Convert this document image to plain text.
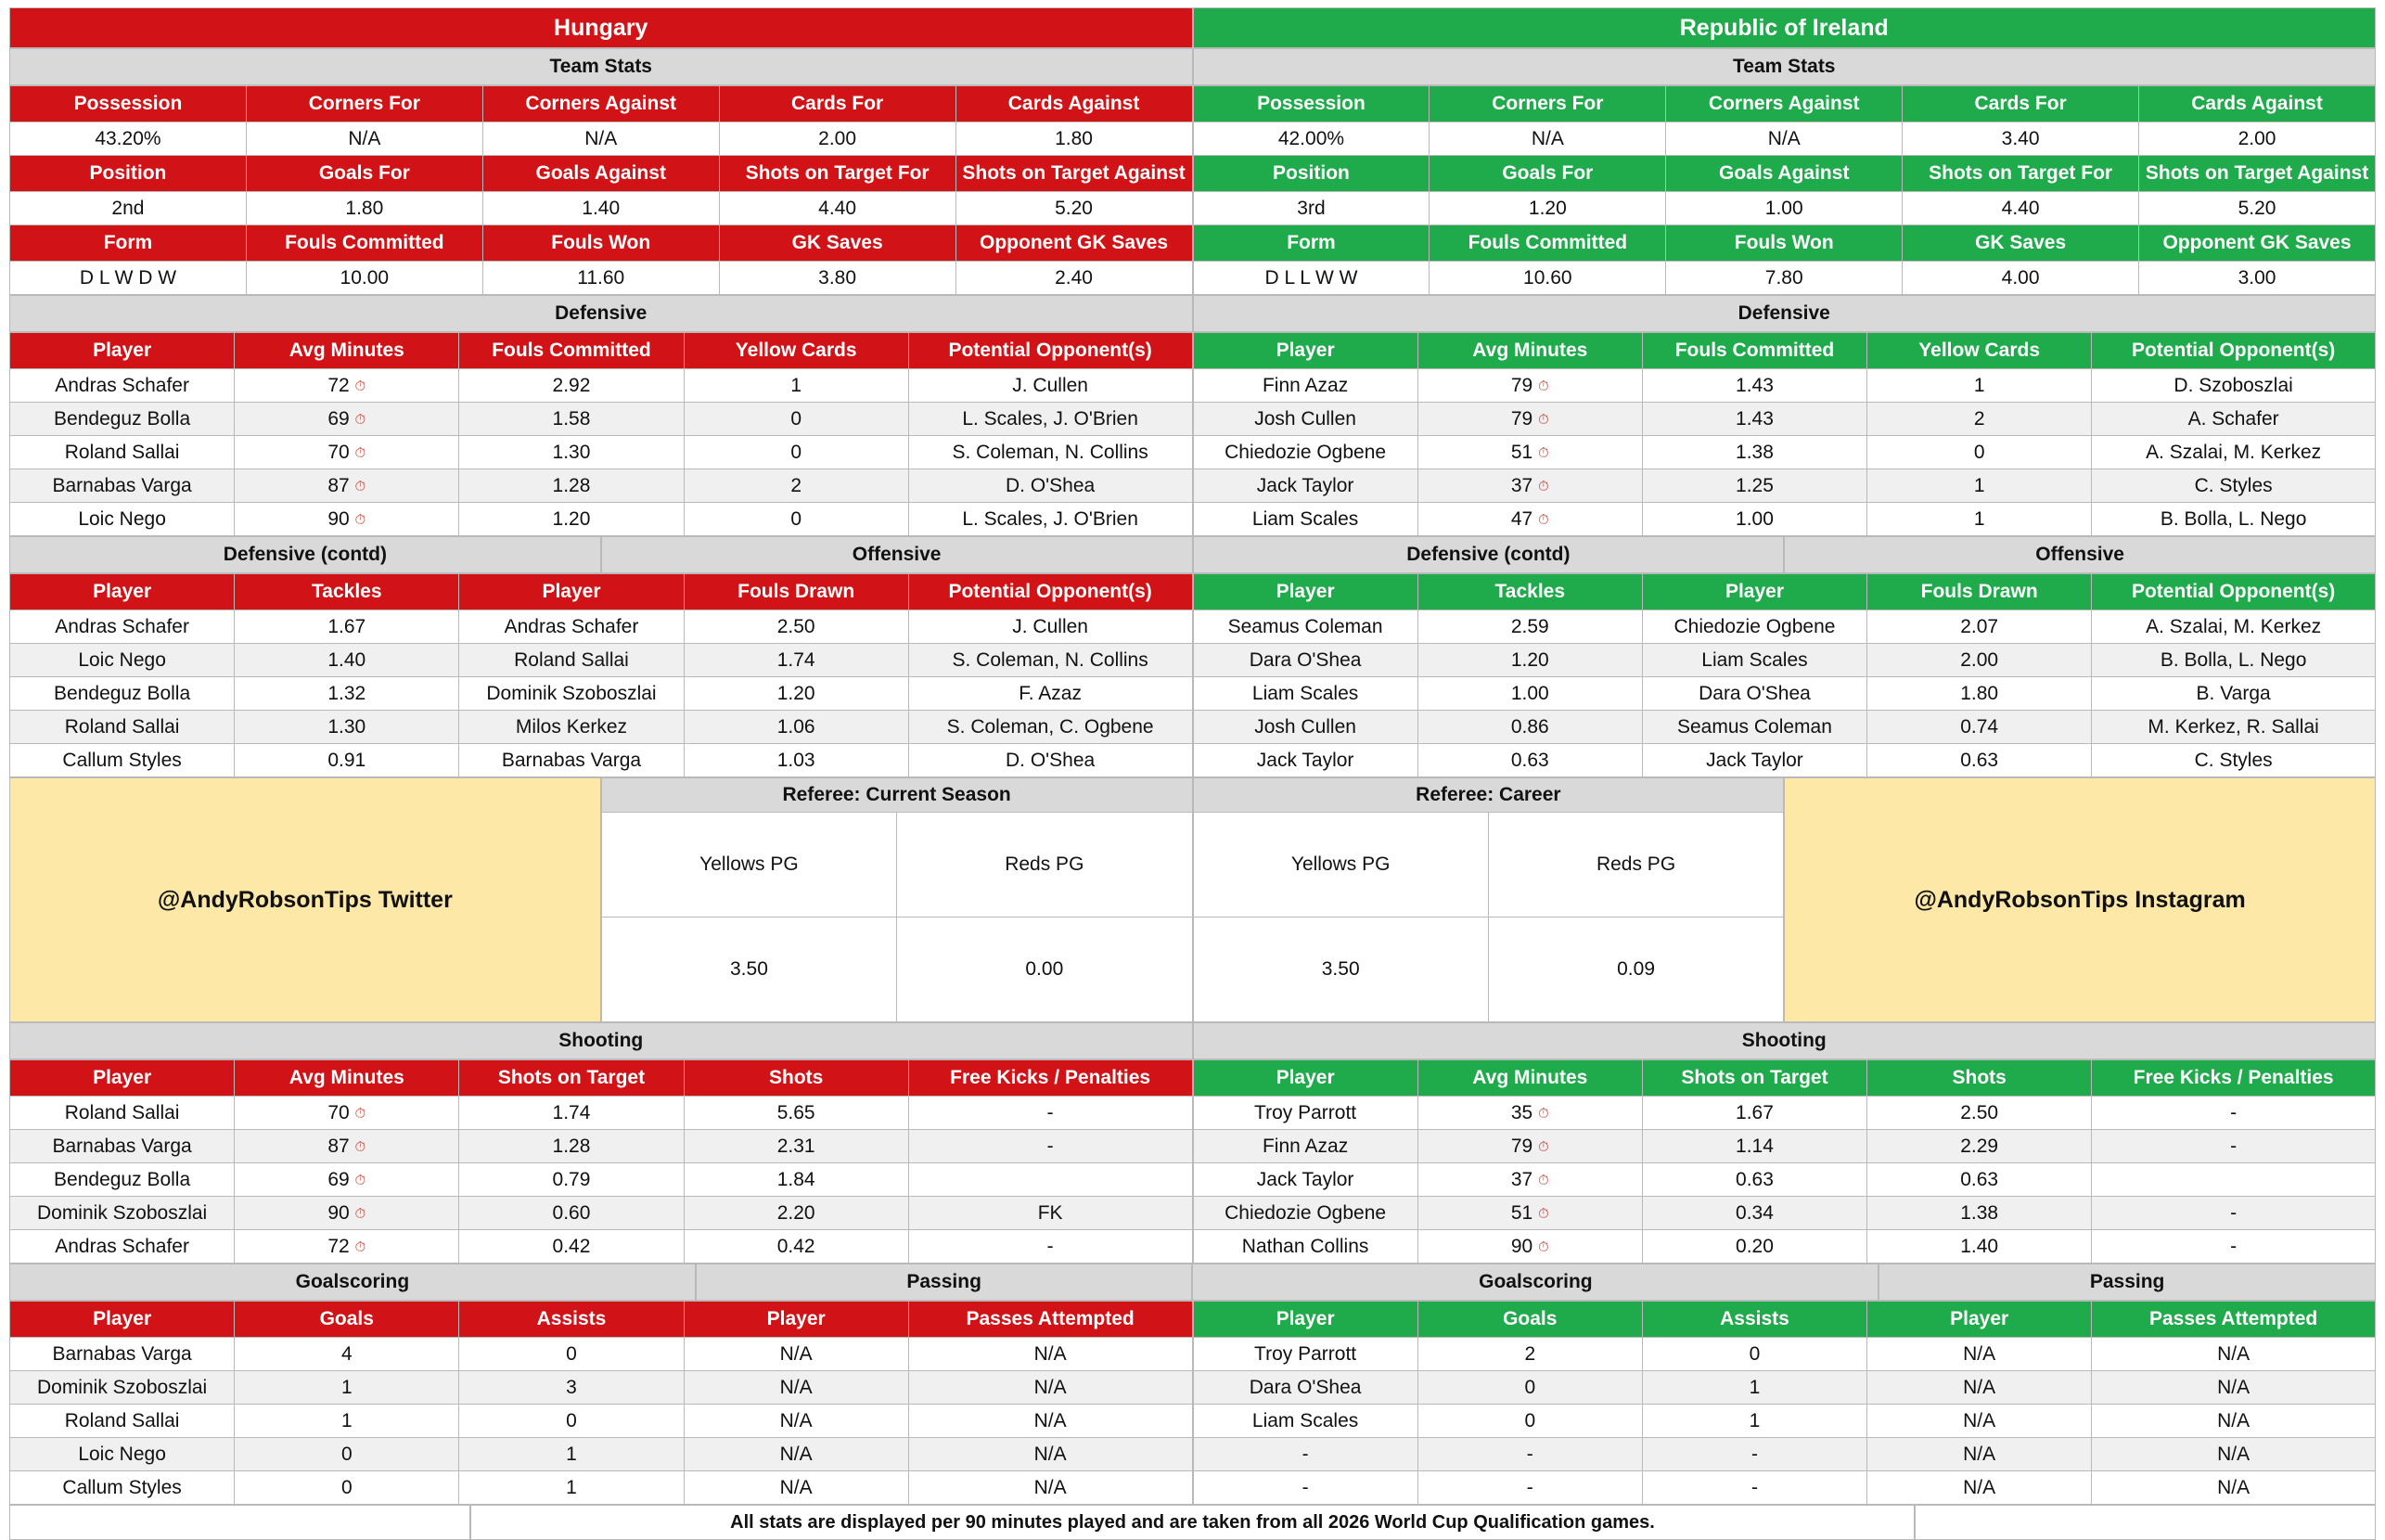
Hungary	Republic of Ireland
Team Stats	Team Stats
Possession	Corners For	Corners Against	Cards For	Cards Against
43.20%	N/A	N/A	2.00	1.80
Position	Goals For	Goals Against	Shots on Target For	Shots on Target Against
2nd	1.80	1.40	4.40	5.20
Form	Fouls Committed	Fouls Won	GK Saves	Opponent GK Saves
D L W D W	10.00	11.60	3.80	2.40
Possession	Corners For	Corners Against	Cards For	Cards Against
42.00%	N/A	N/A	3.40	2.00
Position	Goals For	Goals Against	Shots on Target For	Shots on Target Against
3rd	1.20	1.00	4.40	5.20
Form	Fouls Committed	Fouls Won	GK Saves	Opponent GK Saves
D L L W W	10.60	7.80	4.00	3.00
Defensive	Defensive
Player	Avg Minutes	Fouls Committed	Yellow Cards	Potential Opponent(s)
Andras Schafer	72 ⏱	2.92	1	J. Cullen
Bendeguz Bolla	69 ⏱	1.58	0	L. Scales, J. O'Brien
Roland Sallai	70 ⏱	1.30	0	S. Coleman, N. Collins
Barnabas Varga	87 ⏱	1.28	2	D. O'Shea
Loic Nego	90 ⏱	1.20	0	L. Scales, J. O'Brien
Player	Avg Minutes	Fouls Committed	Yellow Cards	Potential Opponent(s)
Finn Azaz	79 ⏱	1.43	1	D. Szoboszlai
Josh Cullen	79 ⏱	1.43	2	A. Schafer
Chiedozie Ogbene	51 ⏱	1.38	0	A. Szalai, M. Kerkez
Jack Taylor	37 ⏱	1.25	1	C. Styles
Liam Scales	47 ⏱	1.00	1	B. Bolla, L. Nego
Defensive (contd)	Offensive	Defensive (contd)	Offensive
Player	Tackles	Player	Fouls Drawn	Potential Opponent(s)
Andras Schafer	1.67	Andras Schafer	2.50	J. Cullen
Loic Nego	1.40	Roland Sallai	1.74	S. Coleman, N. Collins
Bendeguz Bolla	1.32	Dominik Szoboszlai	1.20	F. Azaz
Roland Sallai	1.30	Milos Kerkez	1.06	S. Coleman, C. Ogbene
Callum Styles	0.91	Barnabas Varga	1.03	D. O'Shea
Player	Tackles	Player	Fouls Drawn	Potential Opponent(s)
Seamus Coleman	2.59	Chiedozie Ogbene	2.07	A. Szalai, M. Kerkez
Dara O'Shea	1.20	Liam Scales	2.00	B. Bolla, L. Nego
Liam Scales	1.00	Dara O'Shea	1.80	B. Varga
Josh Cullen	0.86	Seamus Coleman	0.74	M. Kerkez, R. Sallai
Jack Taylor	0.63	Jack Taylor	0.63	C. Styles
@AndyRobsonTips Twitter
Referee: Current Season	
Yellows PG	Reds PG
3.50	0.00
Referee: Career	
Yellows PG	Reds PG
3.50	0.09
@AndyRobsonTips Instagram
Shooting	Shooting
Player	Avg Minutes	Shots on Target	Shots	Free Kicks / Penalties
Roland Sallai	70 ⏱	1.74	5.65	-
Barnabas Varga	87 ⏱	1.28	2.31	-
Bendeguz Bolla	69 ⏱	0.79	1.84	
Dominik Szoboszlai	90 ⏱	0.60	2.20	FK
Andras Schafer	72 ⏱	0.42	0.42	-
Player	Avg Minutes	Shots on Target	Shots	Free Kicks / Penalties
Troy Parrott	35 ⏱	1.67	2.50	-
Finn Azaz	79 ⏱	1.14	2.29	-
Jack Taylor	37 ⏱	0.63	0.63	
Chiedozie Ogbene	51 ⏱	0.34	1.38	-
Nathan Collins	90 ⏱	0.20	1.40	-
Goalscoring	Passing	Goalscoring	Passing
Player	Goals	Assists	Player	Passes Attempted
Barnabas Varga	4	0	N/A	N/A
Dominik Szoboszlai	1	3	N/A	N/A
Roland Sallai	1	0	N/A	N/A
Loic Nego	0	1	N/A	N/A
Callum Styles	0	1	N/A	N/A
Player	Goals	Assists	Player	Passes Attempted
Troy Parrott	2	0	N/A	N/A
Dara O'Shea	0	1	N/A	N/A
Liam Scales	0	1	N/A	N/A
-	-	-	N/A	N/A
-	-	-	N/A	N/A

All stats are displayed per 90 minutes played and are taken from all 2026 World Cup Qualification games.
